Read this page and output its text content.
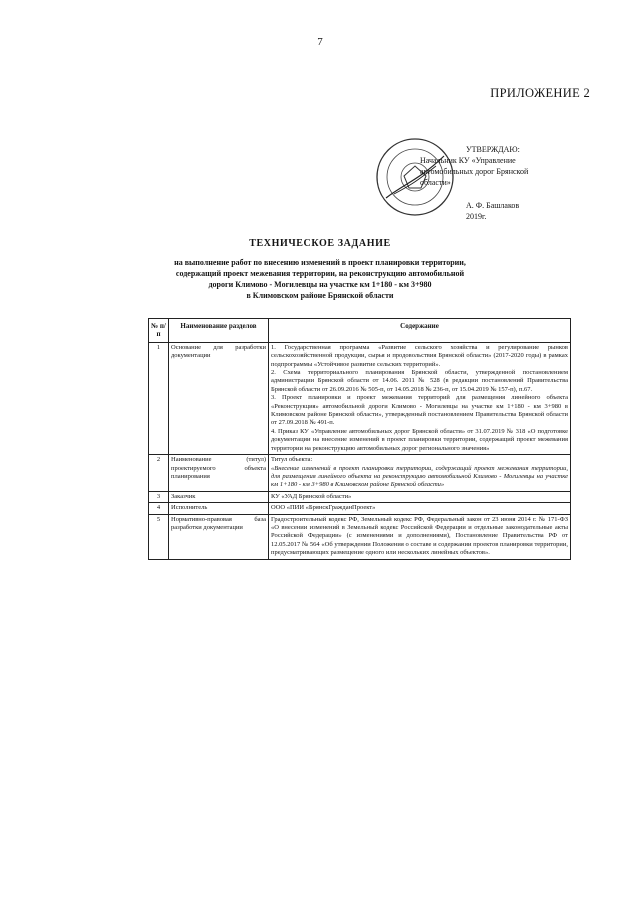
7
ПРИЛОЖЕНИЕ 2
УТВЕРЖДАЮ:
Начальник КУ «Управление
автомобильных дорог Брянской
области»
А. Ф. Башлаков
2019г.
ТЕХНИЧЕСКОЕ ЗАДАНИЕ
на выполнение работ по внесению изменений в проект планировки территории,
содержащий проект межевания территории, на реконструкцию автомобильной
дороги Климово - Могилевцы на участке км 1+180 - км 3+980
в Климовском районе Брянской области
№ п/п	Наименование разделов	Содержание
1	Основание для разработки документации	1. Государственная программа «Развитие сельского хозяйства и регулирование рынков сельскохозяйственной продукции, сырья и продовольствия Брянской области» (2017-2020 годы) в рамках подпрограммы «Устойчивое развитие сельских территорий».

2. Схема территориального планирования Брянской области, утвержденной постановлением администрации Брянской области от 14.06. 2011 № 528 (в редакции постановлений Правительства Брянской области от 26.09.2016 № 505-п, от 14.05.2018 № 236-п, от 15.04.2019 № 157-п), п.67.

3. Проект планировки и проект межевания территорий для размещения линейного объекта «Реконструкция» автомобильной дороги Климово - Могилевцы на участке км 1+180 - км 3+980 в Климовском районе Брянской области», утвержденный постановлением Правительства Брянской области от 27.09.2018 № 491-п.

4. Приказ КУ «Управление автомобильных дорог Брянской области» от 31.07.2019 № 318 «О подготовке документации на внесение изменений в проект планировки территории, содержащий проект межевания территории на реконструкцию автомобильных дорог регионального значения»

2	Наименование (титул) проектируемого объекта планирования	Титул объекта:

«Внесение изменений в проект планировки территории, содержащий проект межевания территории, для размещения линейного объекта на реконструкцию автомобильной Климово - Могилевцы на участке км 1+180 - км 3+980 в Климовском районе Брянской области»

3	Заказчик	КУ «УАД Брянской области»
4	Исполнитель	ООО «ПИИ «БрянскГражданПроект»
5	Нормативно-правовая база разработки документации	Градостроительный кодекс РФ, Земельный кодекс РФ, Федеральный закон от 23 июня 2014 г. № 171-ФЗ «О внесении изменений в Земельный кодекс Российской Федерации и отдельные законодательные акты Российской Федерации» (с изменениями и дополнениями), Постановление Правительства РФ от 12.05.2017 № 564 «Об утверждении Положения о составе и содержании проектов планировки территории, предусматривающих размещение одного или нескольких линейных объектов».
